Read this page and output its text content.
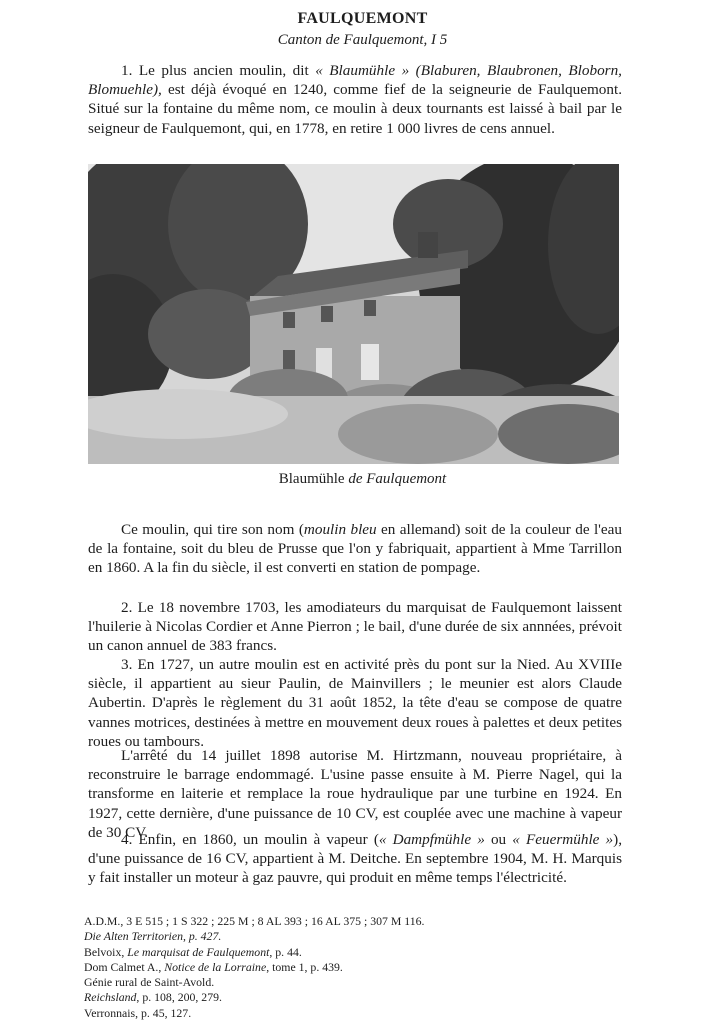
FAULQUEMONT
Canton de Faulquemont, I 5

1. Le plus ancien moulin, dit « Blaumühle » (Blaburen, Blaubronen, Bloborn, Blomuehle), est déjà évoqué en 1240, comme fief de la seigneurie de Faulquemont. Situé sur la fontaine du même nom, ce moulin à deux tournants est laissé à bail par le seigneur de Faulquemont, qui, en 1778, en retire 1 000 livres de cens annuel.

Blaumühle de Faulquemont

Ce moulin, qui tire son nom (moulin bleu en allemand) soit de la couleur de l'eau de la fontaine, soit du bleu de Prusse que l'on y fabriquait, appartient à Mme Tarrillon en 1860. A la fin du siècle, il est converti en station de pompage.

2. Le 18 novembre 1703, les amodiateurs du marquisat de Faulquemont laissent l'huilerie à Nicolas Cordier et Anne Pierron ; le bail, d'une durée de six annnées, prévoit un canon annuel de 383 francs.

3. En 1727, un autre moulin est en activité près du pont sur la Nied. Au XVIIIe siècle, il appartient au sieur Paulin, de Mainvillers ; le meunier est alors Claude Aubertin. D'après le règlement du 31 août 1852, la tête d'eau se compose de quatre vannes motrices, destinées à mettre en mouvement deux roues à palettes et deux petites roues ou tambours.

L'arrêté du 14 juillet 1898 autorise M. Hirtzmann, nouveau propriétaire, à reconstruire le barrage endommagé. L'usine passe ensuite à M. Pierre Nagel, qui la transforme en laiterie et remplace la roue hydraulique par une turbine en 1924. En 1927, cette dernière, d'une puissance de 10 CV, est couplée avec une machine à vapeur de 30 CV.

4. Enfin, en 1860, un moulin à vapeur (« Dampfmühle » ou « Feuermühle »), d'une puissance de 16 CV, appartient à M. Deitche. En septembre 1904, M. H. Marquis y fait installer un moteur à gaz pauvre, qui produit en même temps l'électricité.

A.D.M., 3 E 515 ; 1 S 322 ; 225 M ; 8 AL 393 ; 16 AL 375 ; 307 M 116.
Die Alten Territorien, p. 427.
Belvoix, Le marquisat de Faulquemont, p. 44.
Dom Calmet A., Notice de la Lorraine, tome 1, p. 439.
Génie rural de Saint-Avold.
Reichsland, p. 108, 200, 279.
Verronnais, p. 45, 127.
